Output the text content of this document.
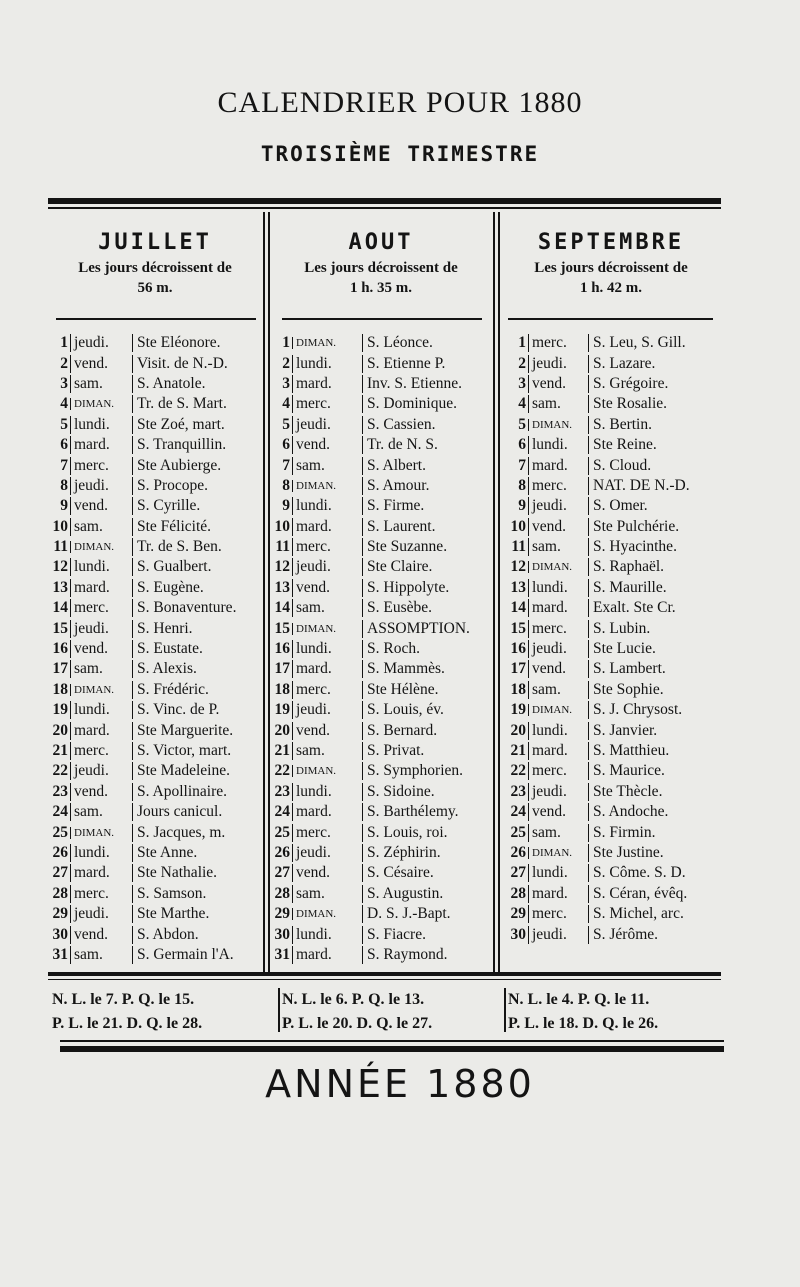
CALENDRIER POUR 1880
TROISIÈME TRIMESTRE
JUILLET
Les jours décroissent de
56 m.
AOUT
Les jours décroissent de
1 h. 35 m.
SEPTEMBRE
Les jours décroissent de
1 h. 42 m.
1 jeudi.	Ste Eléonore.
2 vend.	Visit. de N.-D.
3 sam.	S. Anatole.
4 DIMAN.	Tr. de S. Mart.
5 lundi.	Ste Zoé, mart.
6 mard.	S. Tranquillin.
7 merc.	Ste Aubierge.
8 jeudi.	S. Procope.
9 vend.	S. Cyrille.
10 sam.	Ste Félicité.
11 DIMAN.	Tr. de S. Ben.
12 lundi.	S. Gualbert.
13 mard.	S. Eugène.
14 merc.	S. Bonaventure.
15 jeudi.	S. Henri.
16 vend.	S. Eustate.
17 sam.	S. Alexis.
18 DIMAN.	S. Frédéric.
19 lundi.	S. Vinc. de P.
20 mard.	Ste Marguerite.
21 merc.	S. Victor, mart.
22 jeudi.	Ste Madeleine.
23 vend.	S. Apollinaire.
24 sam.	Jours canicul.
25 DIMAN.	S. Jacques, m.
26 lundi.	Ste Anne.
27 mard.	Ste Nathalie.
28 merc.	S. Samson.
29 jeudi.	Ste Marthe.
30 vend.	S. Abdon.
31 sam.	S. Germain l'A.
1 DIMAN.	S. Léonce.
2 lundi.	S. Etienne P.
3 mard.	Inv. S. Etienne.
4 merc.	S. Dominique.
5 jeudi.	S. Cassien.
6 vend.	Tr. de N. S.
7 sam.	S. Albert.
8 DIMAN.	S. Amour.
9 lundi.	S. Firme.
10 mard.	S. Laurent.
11 merc.	Ste Suzanne.
12 jeudi.	Ste Claire.
13 vend.	S. Hippolyte.
14 sam.	S. Eusèbe.
15 DIMAN.	ASSOMPTION.
16 lundi.	S. Roch.
17 mard.	S. Mammès.
18 merc.	Ste Hélène.
19 jeudi.	S. Louis, év.
20 vend.	S. Bernard.
21 sam.	S. Privat.
22 DIMAN.	S. Symphorien.
23 lundi.	S. Sidoine.
24 mard.	S. Barthélemy.
25 merc.	S. Louis, roi.
26 jeudi.	S. Zéphirin.
27 vend.	S. Césaire.
28 sam.	S. Augustin.
29 DIMAN.	D. S. J.-Bapt.
30 lundi.	S. Fiacre.
31 mard.	S. Raymond.
1 merc.	S. Leu, S. Gill.
2 jeudi.	S. Lazare.
3 vend.	S. Grégoire.
4 sam.	Ste Rosalie.
5 DIMAN.	S. Bertin.
6 lundi.	Ste Reine.
7 mard.	S. Cloud.
8 merc.	NAT. DE N.-D.
9 jeudi.	S. Omer.
10 vend.	Ste Pulchérie.
11 sam.	S. Hyacinthe.
12 DIMAN.	S. Raphaël.
13 lundi.	S. Maurille.
14 mard.	Exalt. Ste Cr.
15 merc.	S. Lubin.
16 jeudi.	Ste Lucie.
17 vend.	S. Lambert.
18 sam.	Ste Sophie.
19 DIMAN.	S. J. Chrysost.
20 lundi.	S. Janvier.
21 mard.	S. Matthieu.
22 merc.	S. Maurice.
23 jeudi.	Ste Thècle.
24 vend.	S. Andoche.
25 sam.	S. Firmin.
26 DIMAN.	Ste Justine.
27 lundi.	S. Côme. S. D.
28 mard.	S. Céran, évêq.
29 merc.	S. Michel, arc.
30 jeudi.	S. Jérôme.
N. L. le 7. P. Q. le 15.
P. L. le 21. D. Q. le 28.
N. L. le 6. P. Q. le 13.
P. L. le 20. D. Q. le 27.
N. L. le 4. P. Q. le 11.
P. L. le 18. D. Q. le 26.
ANNÉE 1880
